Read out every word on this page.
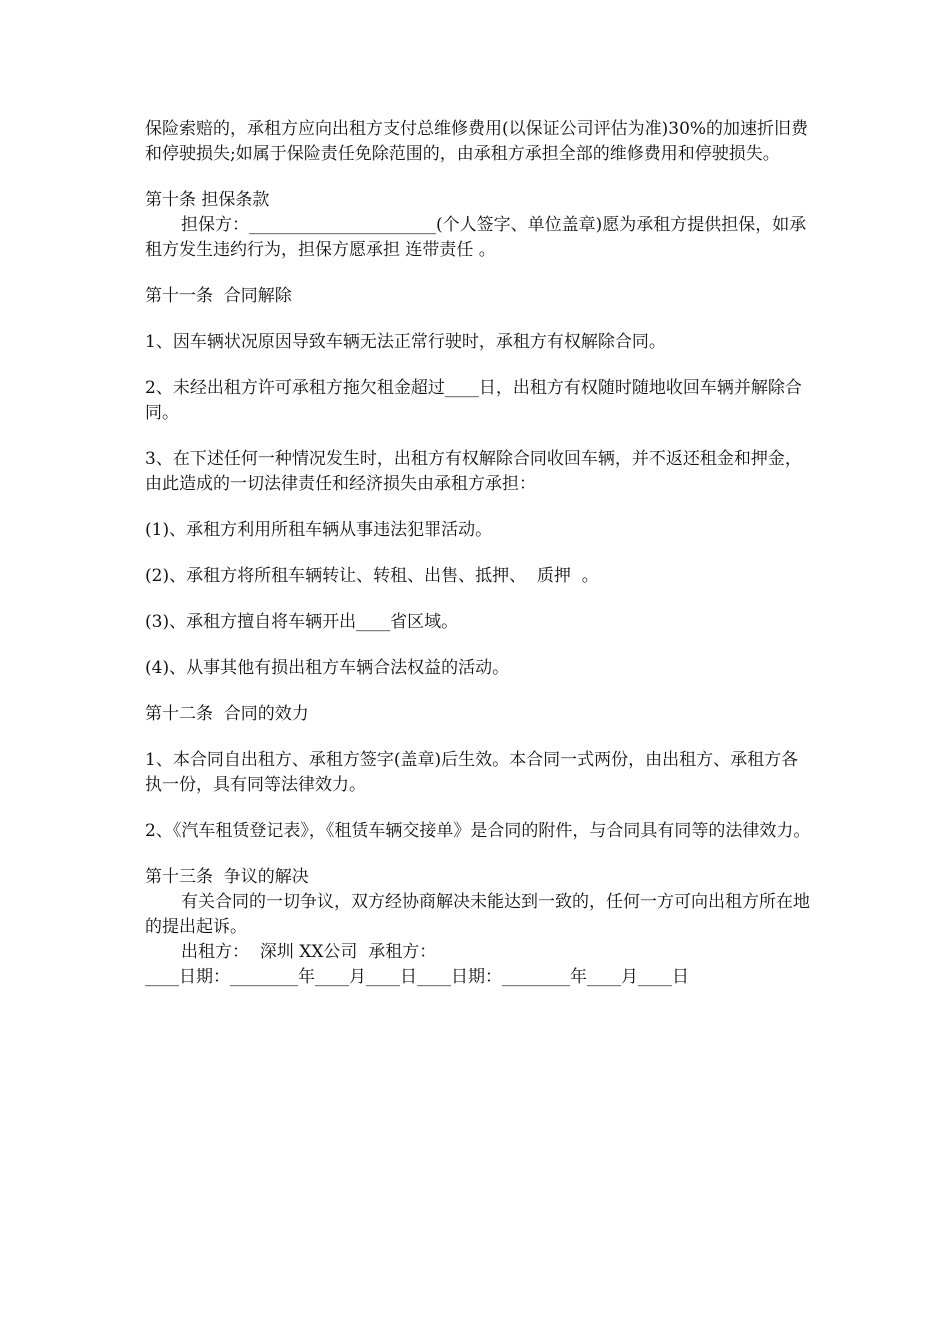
保险索赔的，承租方应向出租方支付总维修费用(以保证公司评估为准)30%的加速折旧费和停驶损失;如属于保险责任免除范围的，由承租方承担全部的维修费用和停驶损失。

第十条 担保条款

担保方：______________________(个人签字、单位盖章)愿为承租方提供担保，如承租方发生违约行为，担保方愿承担 连带责任 。

第十一条  合同解除

1、因车辆状况原因导致车辆无法正常行驶时，承租方有权解除合同。

2、未经出租方许可承租方拖欠租金超过____日，出租方有权随时随地收回车辆并解除合同。

3、在下述任何一种情况发生时，出租方有权解除合同收回车辆，并不返还租金和押金，由此造成的一切法律责任和经济损失由承租方承担：

(1)、承租方利用所租车辆从事违法犯罪活动。

(2)、承租方将所租车辆转让、转租、出售、抵押、  质押  。

(3)、承租方擅自将车辆开出____省区域。

(4)、从事其他有损出租方车辆合法权益的活动。

第十二条  合同的效力

1、本合同自出租方、承租方签字(盖章)后生效。本合同一式两份，由出租方、承租方各执一份，具有同等法律效力。

2、《汽车租赁登记表》，《租赁车辆交接单》是合同的附件，与合同具有同等的法律效力。

第十三条  争议的解决

有关合同的一切争议，双方经协商解决未能达到一致的，任何一方可向出租方所在地的提出起诉。

出租方：  深圳 XX公司  承租方：

____日期：________年____月____日____日期：________年____月____日
